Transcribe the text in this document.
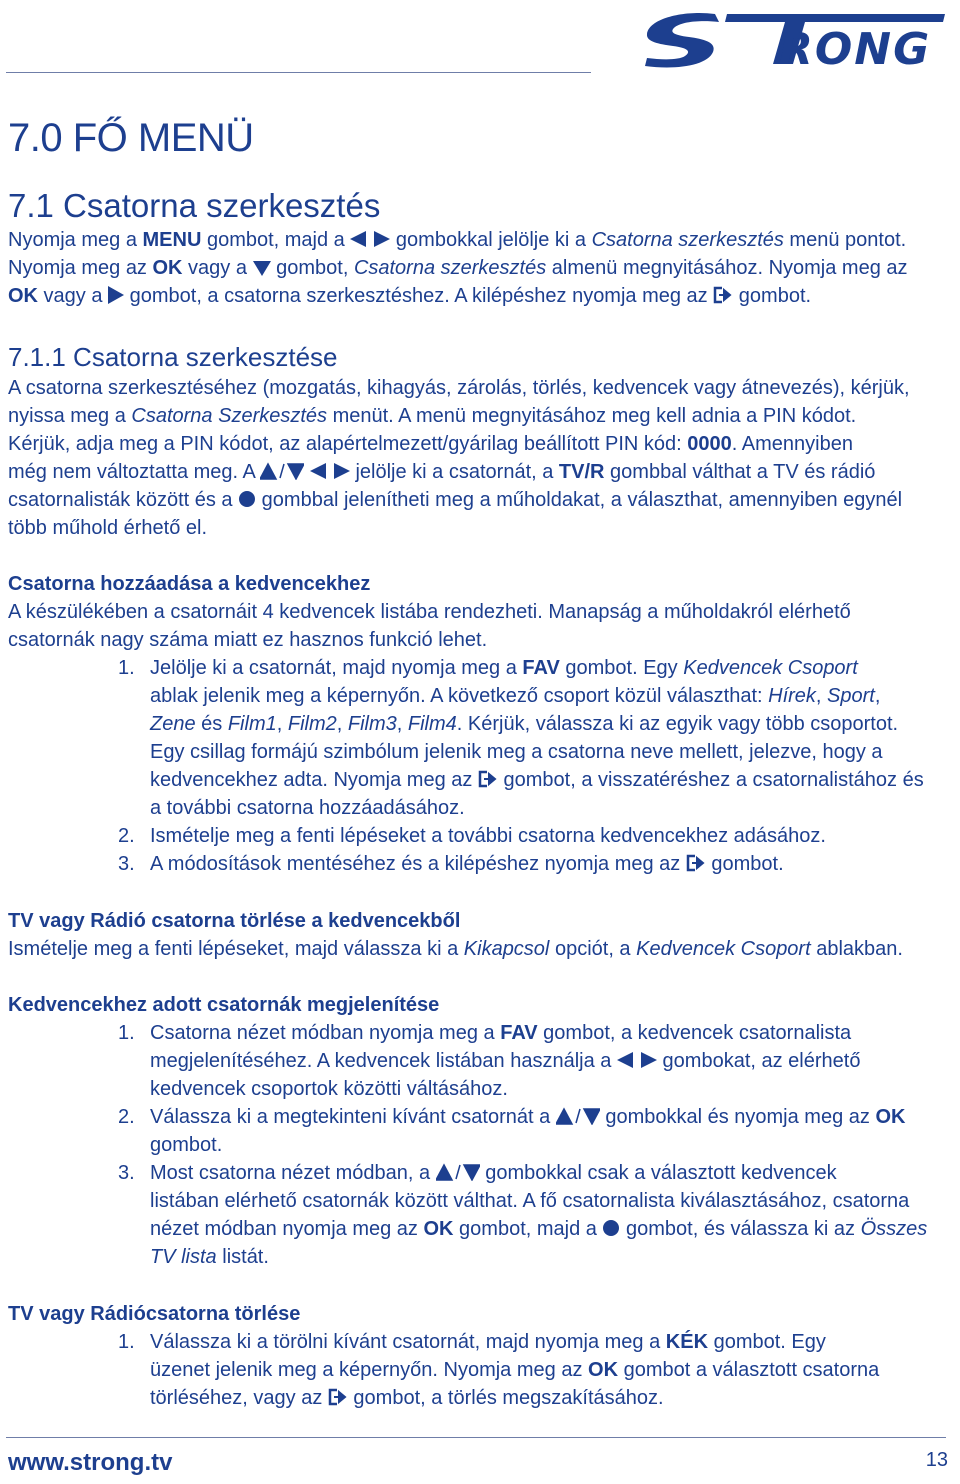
RONG
7.0 FŐ MENÜ
7.1 Csatorna szerkesztés
Nyomja meg a MENU gombot, majd a  gombokkal jelölje ki a Csatorna szerkesztés menü pontot.
Nyomja meg az OK vagy a  gombot, Csatorna szerkesztés almenü megnyitásához. Nyomja meg az
OK vagy a  gombot, a csatorna szerkesztéshez. A kilépéshez nyomja meg az  gombot.
7.1.1 Csatorna szerkesztése
A csatorna szerkesztéséhez (mozgatás, kihagyás, zárolás, törlés, kedvencek vagy átnevezés), kérjük,
nyissa meg a Csatorna Szerkesztés menüt. A menü megnyitásához meg kell adnia a PIN kódot.
Kérjük, adja meg a PIN kódot, az alapértelmezett/gyárilag beállított PIN kód: 0000. Amennyiben
még nem változtatta meg. A	jelölje ki a csatornát, a TV/R gombbal válthat a TV és rádió
csatornalisták között és a  gombbal jelenítheti meg a műholdakat, a választhat, amennyiben egynél
több műhold érhető el.
Csatorna hozzáadása a kedvencekhez
A készülékében a csatornáit 4 kedvencek listába rendezheti. Manapság a műholdakról elérhető
csatornák nagy száma miatt ez hasznos funkció lehet.
1. Jelölje ki a csatornát, majd nyomja meg a FAV gombot. Egy Kedvencek Csoport
ablak jelenik meg a képernyőn. A következő csoport közül választhat: Hírek, Sport,
Zene és Film1, Film2, Film3, Film4. Kérjük, válassza ki az egyik vagy több csoportot.
Egy csillag formájú szimbólum jelenik meg a csatorna neve mellett, jelezve, hogy a
kedvencekhez adta. Nyomja meg az  gombot, a visszatéréshez a csatornalistához és
a további csatorna hozzáadásához.
2. Ismételje meg a fenti lépéseket a további csatorna kedvencekhez adásához.
3. A módosítások mentéséhez és a kilépéshez nyomja meg az  gombot.
TV vagy Rádió csatorna törlése a kedvencekből
Ismételje meg a fenti lépéseket, majd válassza ki a Kikapcsol opciót, a Kedvencek Csoport ablakban.
Kedvencekhez adott csatornák megjelenítése
1. Csatorna nézet módban nyomja meg a FAV gombot, a kedvencek csatornalista
megjelenítéséhez. A kedvencek listában használja a  gombokat, az elérhető
kedvencek csoportok közötti váltásához.
2. Válassza ki a megtekinteni kívánt csatornát a  gombokkal és nyomja meg az OK
gombot.
3. Most csatorna nézet módban, a  gombokkal csak a választott kedvencek
listában elérhető csatornák között válthat. A fő csatornalista kiválasztásához, csatorna
nézet módban nyomja meg az OK gombot, majd a  gombot, és válassza ki az Összes
TV lista listát.
TV vagy Rádiócsatorna törlése
1. Válassza ki a törölni kívánt csatornát, majd nyomja meg a KÉK gombot. Egy
üzenet jelenik meg a képernyőn. Nyomja meg az OK gombot a választott csatorna
törléséhez, vagy az  gombot, a törlés megszakításához.
www.strong.tv	13
